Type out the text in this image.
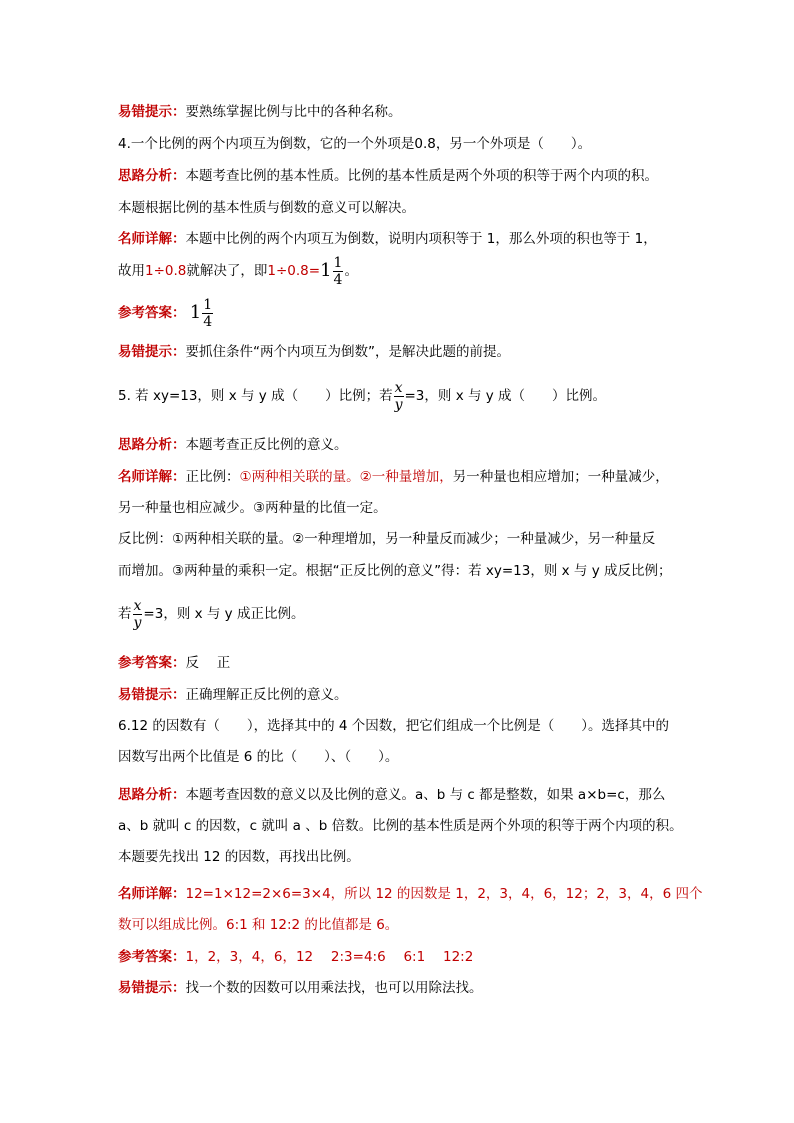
易错提示：要熟练掌握比例与比中的各种名称。
4.一个比例的两个内项互为倒数，它的一个外项是0.8，另一个外项是（　　）。
思路分析：本题考查比例的基本性质。比例的基本性质是两个外项的积等于两个内项的积。
本题根据比例的基本性质与倒数的意义可以解决。
名师详解：本题中比例的两个内项互为倒数，说明内项积等于 1，那么外项的积也等于 1，
故用1÷0.8就解决了，即$1\div 0.8=1 \frac{1}{4}$ 。
参考答案： $1 \frac{1}{4}$
易错提示：要抓住条件“两个内项互为倒数”，是解决此题的前提。
5. 若 xy=13，则 x 与 y 成（　　）比例；若 $\frac{x}{y} =3$，则 x 与 y 成（　　）比例。
思路分析：本题考查正反比例的意义。
名师详解：正比例：①两种相关联的量。②一种量增加，另一种量也相应增加；一种量减少，
另一种量也相应减少。③两种量的比值一定。
反比例：①两种相关联的量。②一种理增加，另一种量反而减少；一种量减少，另一种量反
而增加。③两种量的乘积一定。根据“正反比例的意义”得：若 xy=13，则 x 与 y 成反比例；
若 $\frac{x}{y} =3$，则 x 与 y 成正比例。
参考答案：反　 正
易错提示：正确理解正反比例的意义。
6.12 的因数有（　　），选择其中的 4 个因数，把它们组成一个比例是（　　）。选择其中的
因数写出两个比值是 6 的比（　　）、（　　）。
思路分析：本题考查因数的意义以及比例的意义。a、b 与 c 都是整数，如果 a×b=c，那么
a、b 就叫 c 的因数，c 就叫 a 、b 倍数。比例的基本性质是两个外项的积等于两个内项的积。
本题要先找出 12 的因数，再找出比例。
名师详解：12=1×12=2×6=3×4，所以 12 的因数是 1，2，3，4，6，12；2，3，4，6 四个
数可以组成比例。6:1 和 12:2 的比值都是 6。
参考答案：1，2，3，4，6，12　 2:3=4:6　 6:1　 12:2
易错提示：找一个数的因数可以用乘法找，也可以用除法找。
